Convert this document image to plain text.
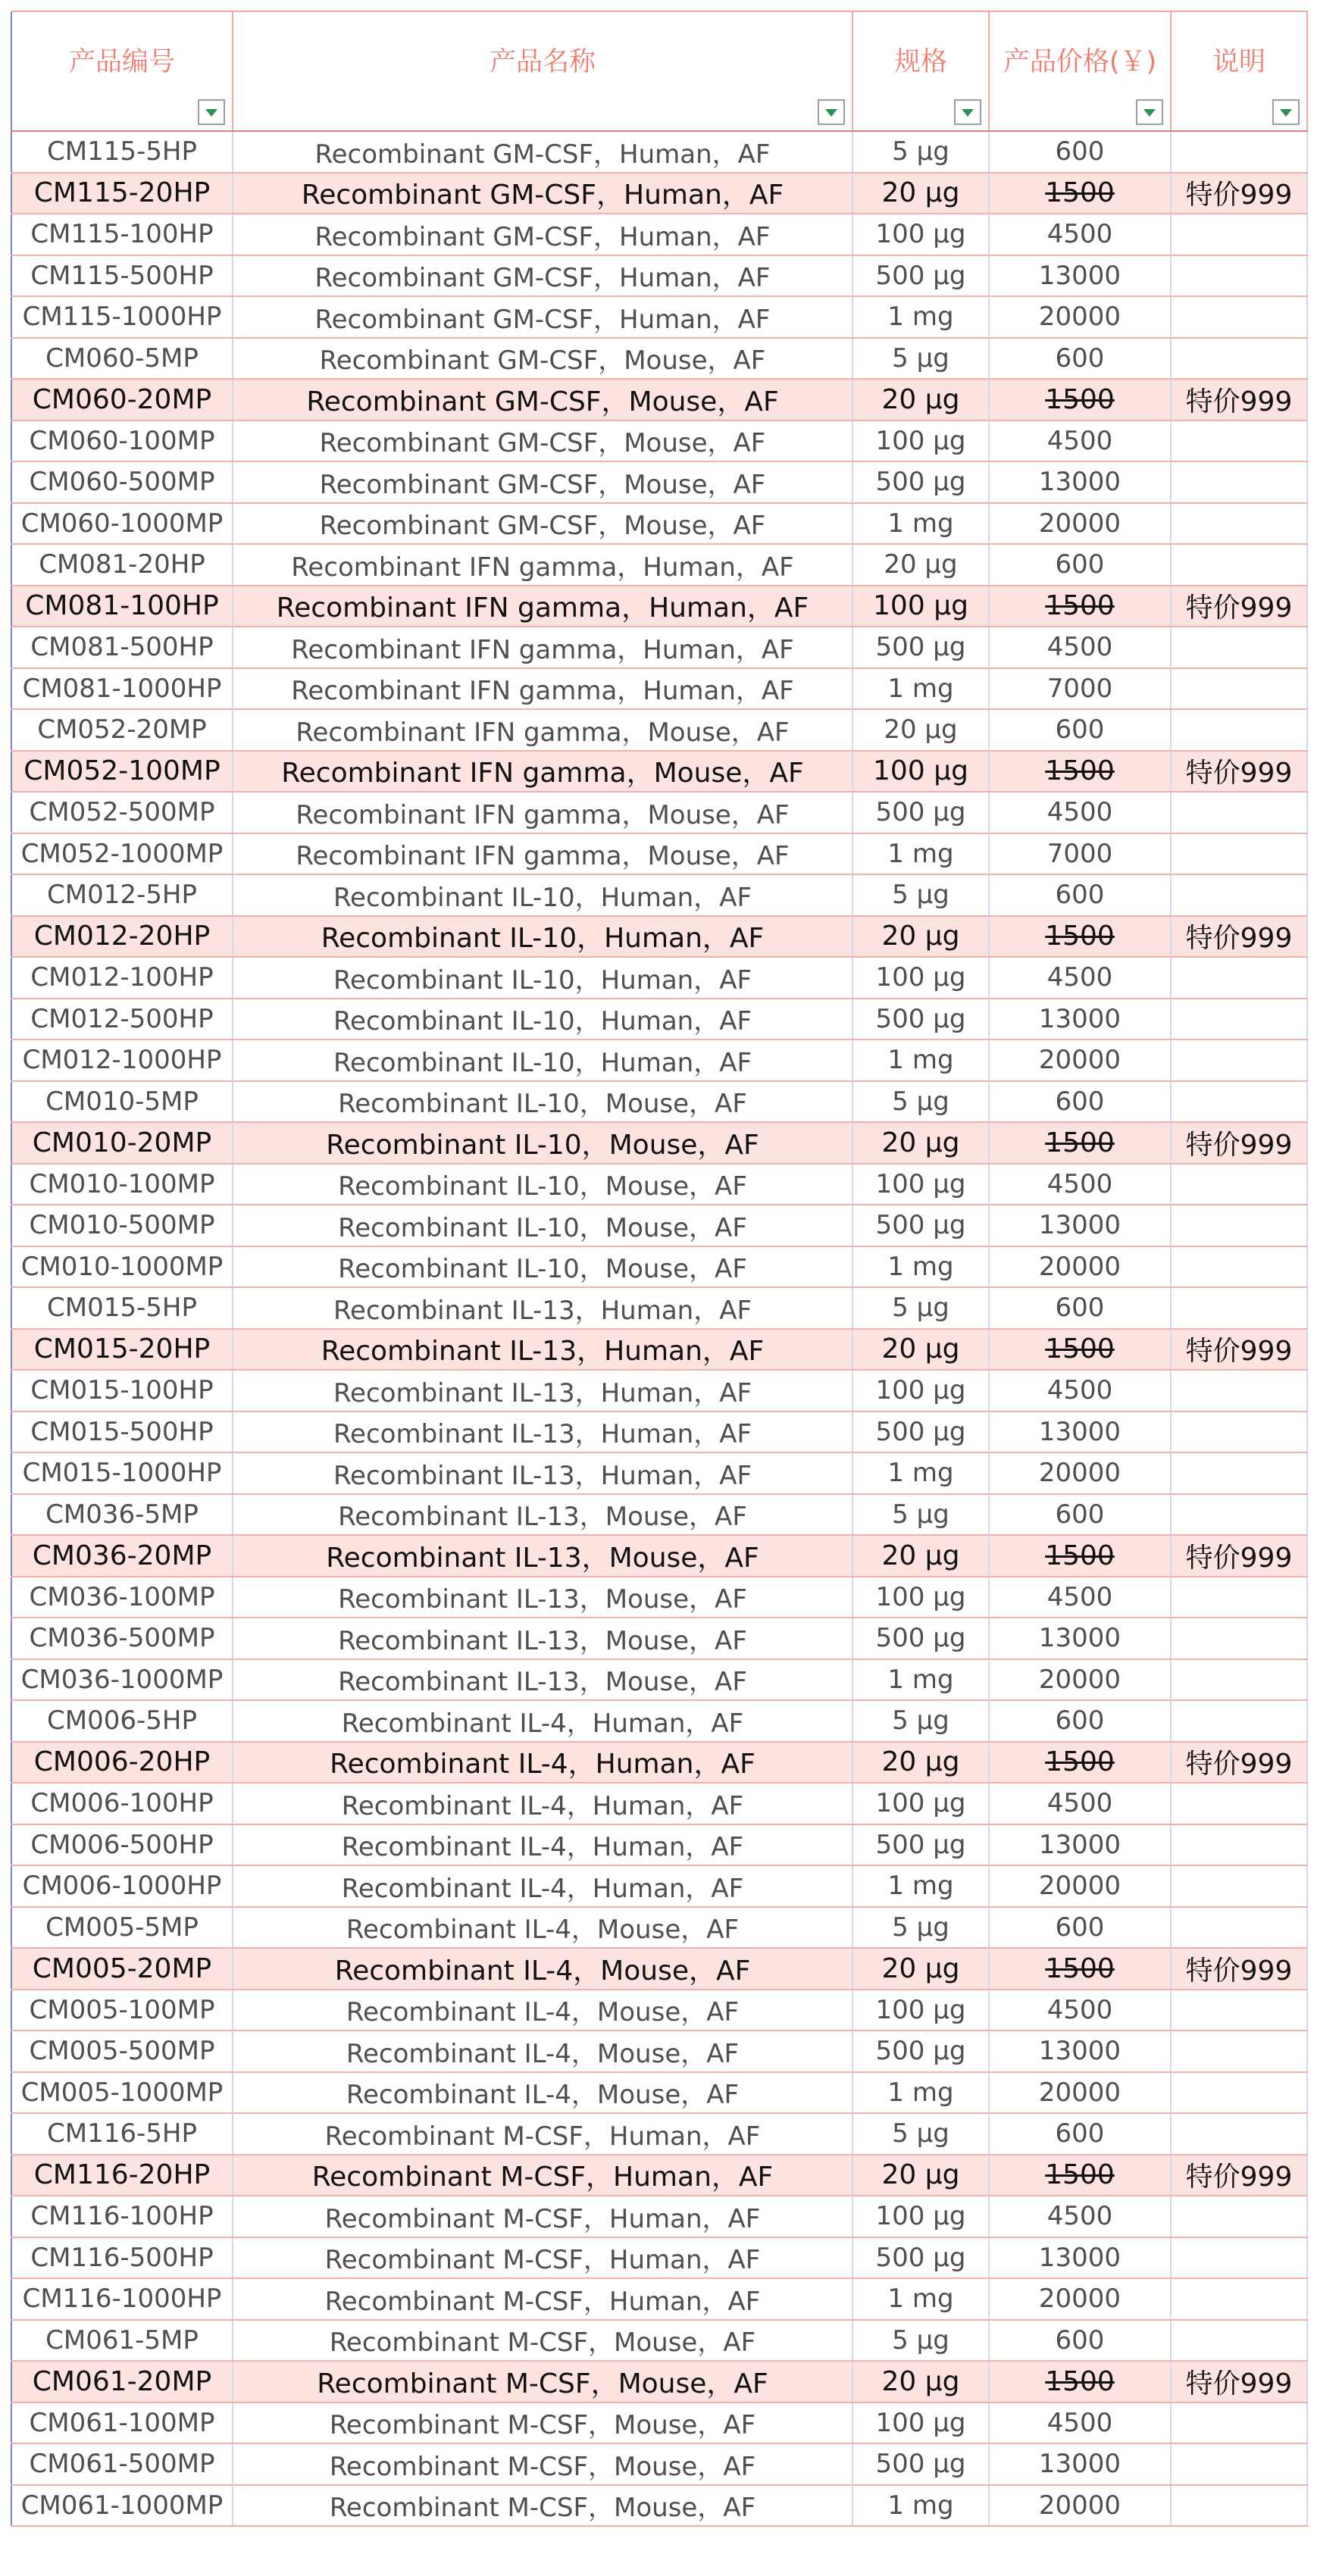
产品编号	产品名称	规格	产品价格(￥)	说明

CM115-5HP	Recombinant GM-CSF，Human，AF	5 μg	600	
CM115-20HP	Recombinant GM-CSF，Human，AF	20 μg	1500	特价999
CM115-100HP	Recombinant GM-CSF，Human，AF	100 μg	4500	
CM115-500HP	Recombinant GM-CSF，Human，AF	500 μg	13000	
CM115-1000HP	Recombinant GM-CSF，Human，AF	1 mg	20000	
CM060-5MP	Recombinant GM-CSF，Mouse，AF	5 μg	600	
CM060-20MP	Recombinant GM-CSF，Mouse，AF	20 μg	1500	特价999
CM060-100MP	Recombinant GM-CSF，Mouse，AF	100 μg	4500	
CM060-500MP	Recombinant GM-CSF，Mouse，AF	500 μg	13000	
CM060-1000MP	Recombinant GM-CSF，Mouse，AF	1 mg	20000	
CM081-20HP	Recombinant IFN gamma，Human，AF	20 μg	600	
CM081-100HP	Recombinant IFN gamma，Human，AF	100 μg	1500	特价999
CM081-500HP	Recombinant IFN gamma，Human，AF	500 μg	4500	
CM081-1000HP	Recombinant IFN gamma，Human，AF	1 mg	7000	
CM052-20MP	Recombinant IFN gamma，Mouse，AF	20 μg	600	
CM052-100MP	Recombinant IFN gamma，Mouse，AF	100 μg	1500	特价999
CM052-500MP	Recombinant IFN gamma，Mouse，AF	500 μg	4500	
CM052-1000MP	Recombinant IFN gamma，Mouse，AF	1 mg	7000	
CM012-5HP	Recombinant IL-10，Human，AF	5 μg	600	
CM012-20HP	Recombinant IL-10，Human，AF	20 μg	1500	特价999
CM012-100HP	Recombinant IL-10，Human，AF	100 μg	4500	
CM012-500HP	Recombinant IL-10，Human，AF	500 μg	13000	
CM012-1000HP	Recombinant IL-10，Human，AF	1 mg	20000	
CM010-5MP	Recombinant IL-10，Mouse，AF	5 μg	600	
CM010-20MP	Recombinant IL-10，Mouse，AF	20 μg	1500	特价999
CM010-100MP	Recombinant IL-10，Mouse，AF	100 μg	4500	
CM010-500MP	Recombinant IL-10，Mouse，AF	500 μg	13000	
CM010-1000MP	Recombinant IL-10，Mouse，AF	1 mg	20000	
CM015-5HP	Recombinant IL-13，Human，AF	5 μg	600	
CM015-20HP	Recombinant IL-13，Human，AF	20 μg	1500	特价999
CM015-100HP	Recombinant IL-13，Human，AF	100 μg	4500	
CM015-500HP	Recombinant IL-13，Human，AF	500 μg	13000	
CM015-1000HP	Recombinant IL-13，Human，AF	1 mg	20000	
CM036-5MP	Recombinant IL-13，Mouse，AF	5 μg	600	
CM036-20MP	Recombinant IL-13，Mouse，AF	20 μg	1500	特价999
CM036-100MP	Recombinant IL-13，Mouse，AF	100 μg	4500	
CM036-500MP	Recombinant IL-13，Mouse，AF	500 μg	13000	
CM036-1000MP	Recombinant IL-13，Mouse，AF	1 mg	20000	
CM006-5HP	Recombinant IL-4，Human，AF	5 μg	600	
CM006-20HP	Recombinant IL-4，Human，AF	20 μg	1500	特价999
CM006-100HP	Recombinant IL-4，Human，AF	100 μg	4500	
CM006-500HP	Recombinant IL-4，Human，AF	500 μg	13000	
CM006-1000HP	Recombinant IL-4，Human，AF	1 mg	20000	
CM005-5MP	Recombinant IL-4，Mouse，AF	5 μg	600	
CM005-20MP	Recombinant IL-4，Mouse，AF	20 μg	1500	特价999
CM005-100MP	Recombinant IL-4，Mouse，AF	100 μg	4500	
CM005-500MP	Recombinant IL-4，Mouse，AF	500 μg	13000	
CM005-1000MP	Recombinant IL-4，Mouse，AF	1 mg	20000	
CM116-5HP	Recombinant M-CSF，Human，AF	5 μg	600	
CM116-20HP	Recombinant M-CSF，Human，AF	20 μg	1500	特价999
CM116-100HP	Recombinant M-CSF，Human，AF	100 μg	4500	
CM116-500HP	Recombinant M-CSF，Human，AF	500 μg	13000	
CM116-1000HP	Recombinant M-CSF，Human，AF	1 mg	20000	
CM061-5MP	Recombinant M-CSF，Mouse，AF	5 μg	600	
CM061-20MP	Recombinant M-CSF，Mouse，AF	20 μg	1500	特价999
CM061-100MP	Recombinant M-CSF，Mouse，AF	100 μg	4500	
CM061-500MP	Recombinant M-CSF，Mouse，AF	500 μg	13000	
CM061-1000MP	Recombinant M-CSF，Mouse，AF	1 mg	20000	
